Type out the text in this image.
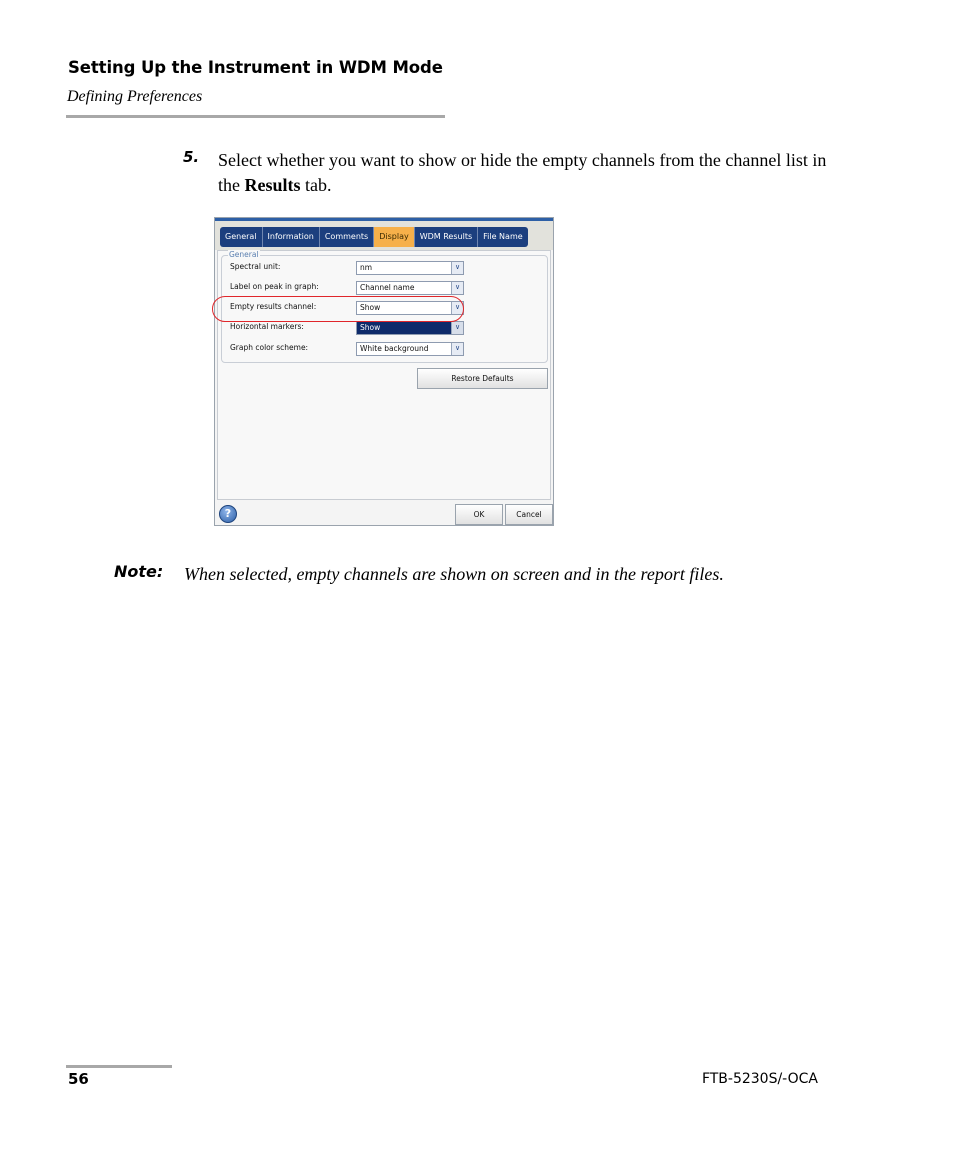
Setting Up the Instrument in WDM Mode
Defining Preferences
5. Select whether you want to show or hide the empty channels from the channel list in the Results tab.
General	Information	Comments	Display	WDM Results	File Name
General
Spectral unit:	nm	∨
Label on peak in graph:	Channel name	∨
Empty results channel:	Show	∨
Horizontal markers:	Show	∨
Graph color scheme:	White background	∨
Restore Defaults
?	OK	Cancel
Note: When selected, empty channels are shown on screen and in the report files.
56	FTB-5230S/-OCA
